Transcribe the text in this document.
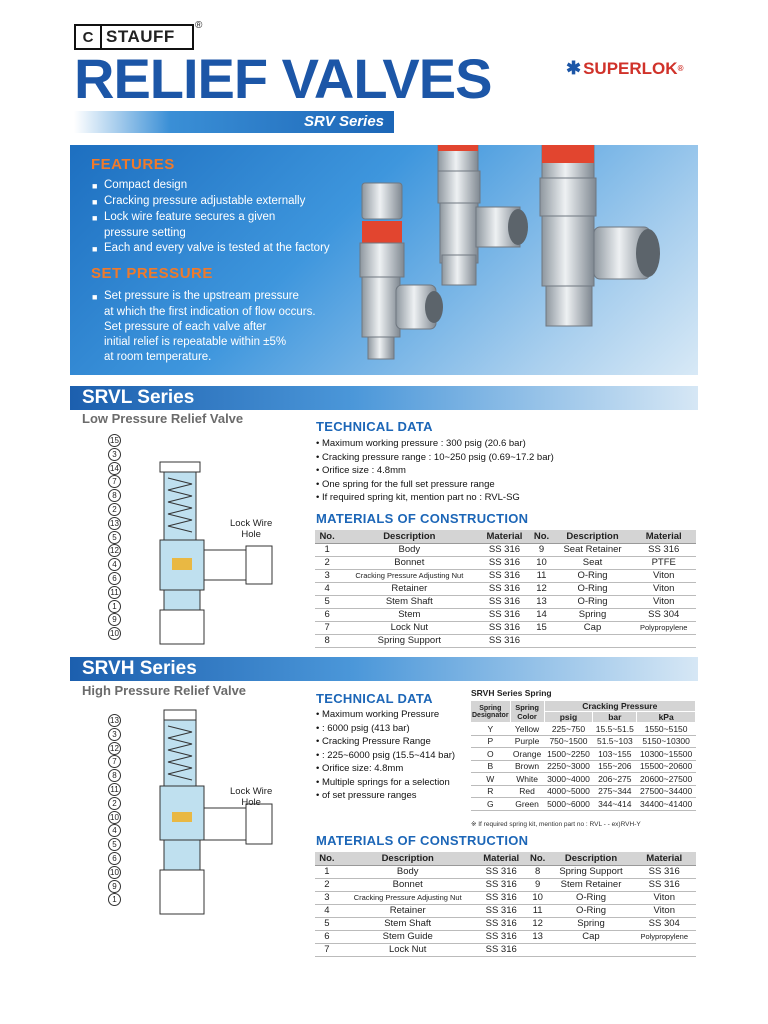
C STAUFF
®
RELIEF VALVES	✱ SUPERLOK ®
SRV Series
FEATURES
■ Compact design
■ Cracking pressure adjustable externally
■ Lock wire feature secures a given
pressure setting
■ Each and every valve is tested at the factory
SET PRESSURE
■ Set pressure is the upstream pressure
at which the first indication of flow occurs.
Set pressure of each valve after
initial relief is repeatable within ±5%
at room temperature.
SRVL Series
Low Pressure Relief Valve
Lock Wire
Hole
15
3
14
7
8
2
13
5
12
4
6
11
1
9
10
TECHNICAL DATA
• Maximum working pressure : 300 psig (20.6 bar)
• Cracking pressure range : 10~250 psig (0.69~17.2 bar)
• Orifice size : 4.8mm
• One spring for the full set pressure range
• If required spring kit, mention part no : RVL-SG
MATERIALS OF CONSTRUCTION
No.	Description	Material	No.	Description	Material
1	Body	SS 316	9	Seat Retainer	SS 316
2	Bonnet	SS 316	10	Seat	PTFE
3	Cracking Pressure Adjusting Nut	SS 316	11	O-Ring	Viton
4	Retainer	SS 316	12	O-Ring	Viton
5	Stem Shaft	SS 316	13	O-Ring	Viton
6	Stem	SS 316	14	Spring	SS 304
7	Lock Nut	SS 316	15	Cap	Polypropylene
8	Spring Support	SS 316			
SRVH Series
High Pressure Relief Valve
Lock Wire
Hole
13
3
12
7
8
11
2
10
4
5
6
10
9
1
TECHNICAL DATA
• Maximum working Pressure
• : 6000 psig (413 bar)
• Cracking Pressure Range
• : 225~6000 psig (15.5~414 bar)
• Orifice size: 4.8mm
• Multiple springs for a selection
• of set pressure ranges
SRVH Series Spring
Spring Designator	Spring Color	Cracking Pressure		
		psig	bar	kPa
Y	Yellow	225~750	15.5~51.5	1550~5150
P	Purple	750~1500	51.5~103	5150~10300
O	Orange	1500~2250	103~155	10300~15500
B	Brown	2250~3000	155~206	15500~20600
W	White	3000~4000	206~275	20600~27500
R	Red	4000~5000	275~344	27500~34400
G	Green	5000~6000	344~414	34400~41400
※ If required spring kit, mention part no : RVL - - ex)RVH-Y
MATERIALS OF CONSTRUCTION
No.	Description	Material	No.	Description	Material
1	Body	SS 316	8	Spring Support	SS 316
2	Bonnet	SS 316	9	Stem Retainer	SS 316
3	Cracking Pressure Adjusting Nut	SS 316	10	O-Ring	Viton
4	Retainer	SS 316	11	O-Ring	Viton
5	Stem Shaft	SS 316	12	Spring	SS 304
6	Stem Guide	SS 316	13	Cap	Polypropylene
7	Lock Nut	SS 316			
